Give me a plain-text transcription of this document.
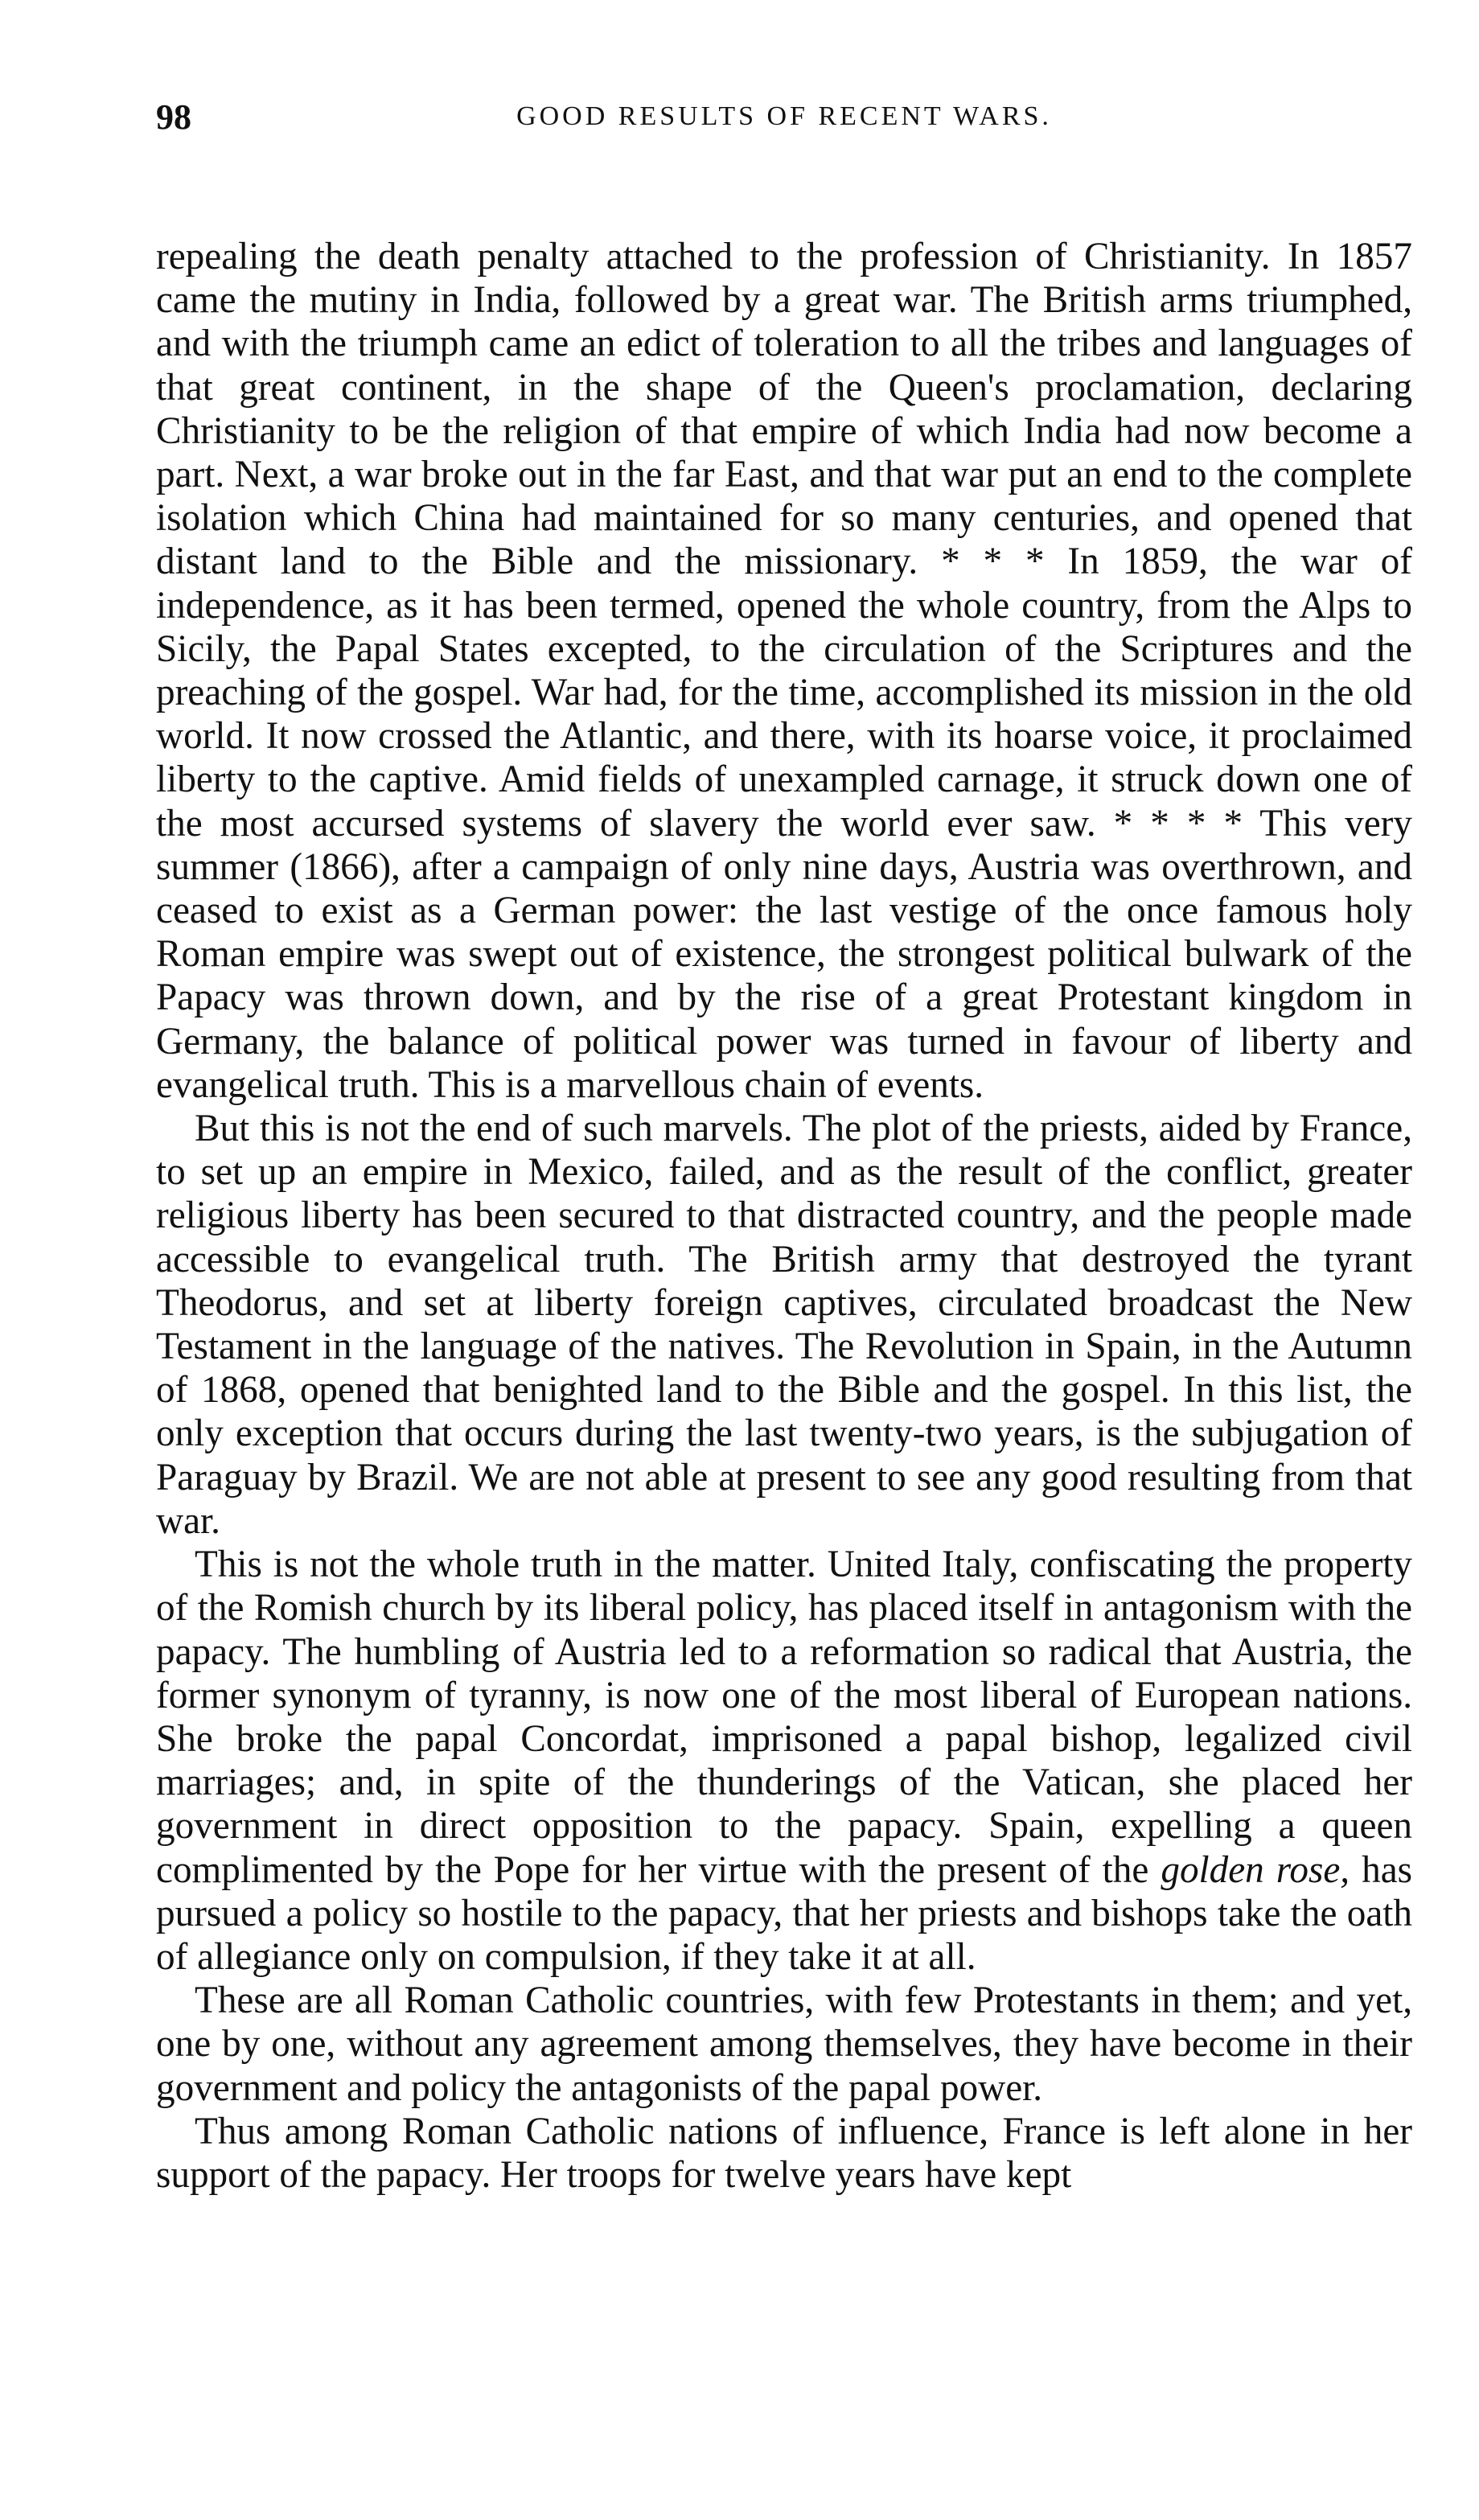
98	GOOD RESULTS OF RECENT WARS.

repealing the death penalty attached to the profession of Christianity. In 1857 came the mutiny in India, followed by a great war. The British arms triumphed, and with the triumph came an edict of toleration to all the tribes and languages of that great continent, in the shape of the Queen's proclamation, declaring Christianity to be the religion of that empire of which India had now become a part. Next, a war broke out in the far East, and that war put an end to the complete isolation which China had maintained for so many centuries, and opened that distant land to the Bible and the missionary. * * * In 1859, the war of independence, as it has been termed, opened the whole country, from the Alps to Sicily, the Papal States excepted, to the circulation of the Scriptures and the preaching of the gospel. War had, for the time, accomplished its mission in the old world. It now crossed the Atlantic, and there, with its hoarse voice, it proclaimed liberty to the captive. Amid fields of unexampled carnage, it struck down one of the most accursed systems of slavery the world ever saw. * * * * This very summer (1866), after a campaign of only nine days, Austria was overthrown, and ceased to exist as a German power: the last vestige of the once famous holy Roman empire was swept out of existence, the strongest political bulwark of the Papacy was thrown down, and by the rise of a great Protestant kingdom in Germany, the balance of political power was turned in favour of liberty and evangelical truth. This is a marvellous chain of events.

But this is not the end of such marvels. The plot of the priests, aided by France, to set up an empire in Mexico, failed, and as the result of the conflict, greater religious liberty has been secured to that distracted country, and the people made accessible to evangelical truth. The British army that destroyed the tyrant Theodorus, and set at liberty foreign captives, circulated broadcast the New Testament in the language of the natives. The Revolution in Spain, in the Autumn of 1868, opened that benighted land to the Bible and the gospel. In this list, the only exception that occurs during the last twenty-two years, is the subjugation of Paraguay by Brazil. We are not able at present to see any good resulting from that war.

This is not the whole truth in the matter. United Italy, confiscating the property of the Romish church by its liberal policy, has placed itself in antagonism with the papacy. The humbling of Austria led to a reformation so radical that Austria, the former synonym of tyranny, is now one of the most liberal of European nations. She broke the papal Concordat, imprisoned a papal bishop, legalized civil marriages; and, in spite of the thunderings of the Vatican, she placed her government in direct opposition to the papacy. Spain, expelling a queen complimented by the Pope for her virtue with the present of the golden rose, has pursued a policy so hostile to the papacy, that her priests and bishops take the oath of allegiance only on compulsion, if they take it at all.

These are all Roman Catholic countries, with few Protestants in them; and yet, one by one, without any agreement among themselves, they have become in their government and policy the antagonists of the papal power.

Thus among Roman Catholic nations of influence, France is left alone in her support of the papacy. Her troops for twelve years have kept
